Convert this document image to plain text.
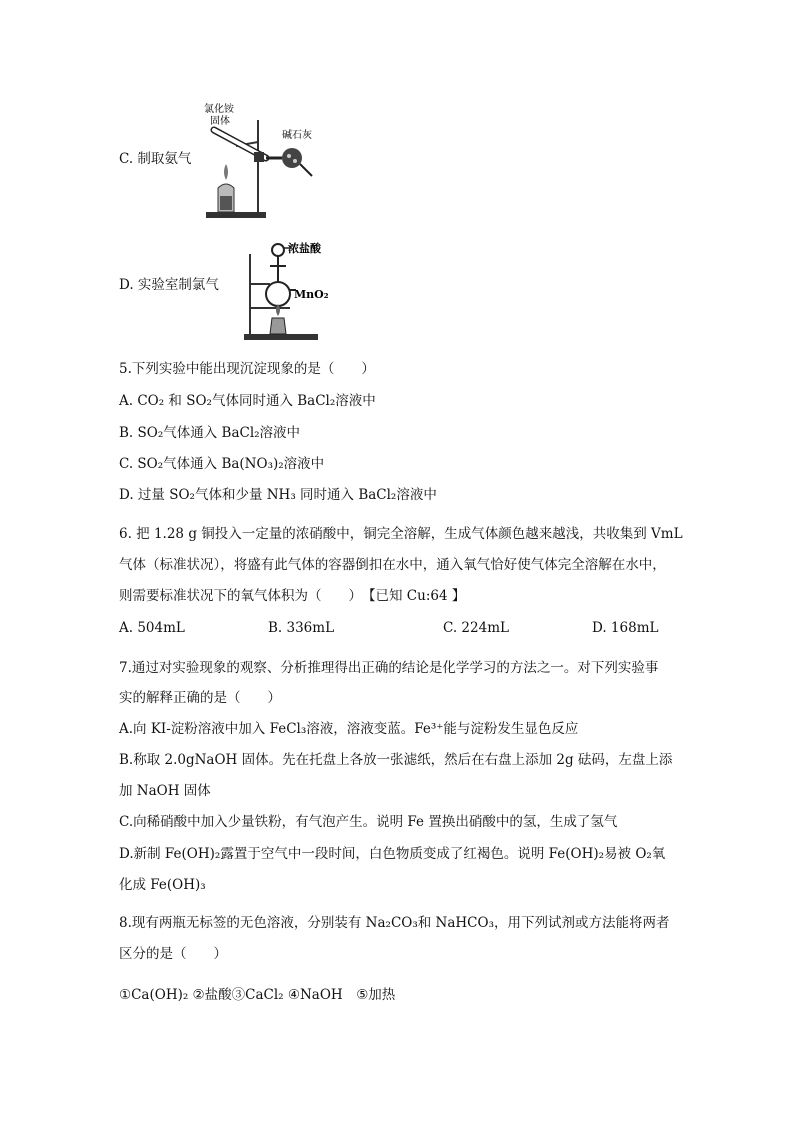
C. 制取氨气
氯化铵
固体
碱石灰
D. 实验室制氯气
浓盐酸
MnO₂
5.下列实验中能出现沉淀现象的是（　　）
A. CO₂ 和 SO₂气体同时通入 BaCl₂溶液中
B. SO₂气体通入 BaCl₂溶液中
C. SO₂气体通入 Ba(NO₃)₂溶液中
D. 过量 SO₂气体和少量 NH₃ 同时通入 BaCl₂溶液中
6. 把 1.28 g 铜投入一定量的浓硝酸中，铜完全溶解，生成气体颜色越来越浅，共收集到 VmL
气体（标准状况），将盛有此气体的容器倒扣在水中，通入氧气恰好使气体完全溶解在水中，
则需要标准状况下的氧气体积为（　　）　【已知 Cu:64 】
A. 504mL	B. 336mL	C. 224mL	D. 168mL
7.通过对实验现象的观察、分析推理得出正确的结论是化学学习的方法之一。对下列实验事
实的解释正确的是（　　）
A.向 KI-淀粉溶液中加入 FeCl₃溶液，溶液变蓝。Fe³⁺能与淀粉发生显色反应
B.称取 2.0gNaOH 固体。先在托盘上各放一张滤纸，然后在右盘上添加 2g 砝码，左盘上添
加 NaOH 固体
C.向稀硝酸中加入少量铁粉，有气泡产生。说明 Fe 置换出硝酸中的氢，生成了氢气
D.新制 Fe(OH)₂露置于空气中一段时间，白色物质变成了红褐色。说明 Fe(OH)₂易被 O₂氧
化成 Fe(OH)₃
8.现有两瓶无标签的无色溶液，分别装有 Na₂CO₃和 NaHCO₃，用下列试剂或方法能将两者
区分的是（　　）
①Ca(OH)₂ ②盐酸③CaCl₂ ④NaOH　⑤加热
